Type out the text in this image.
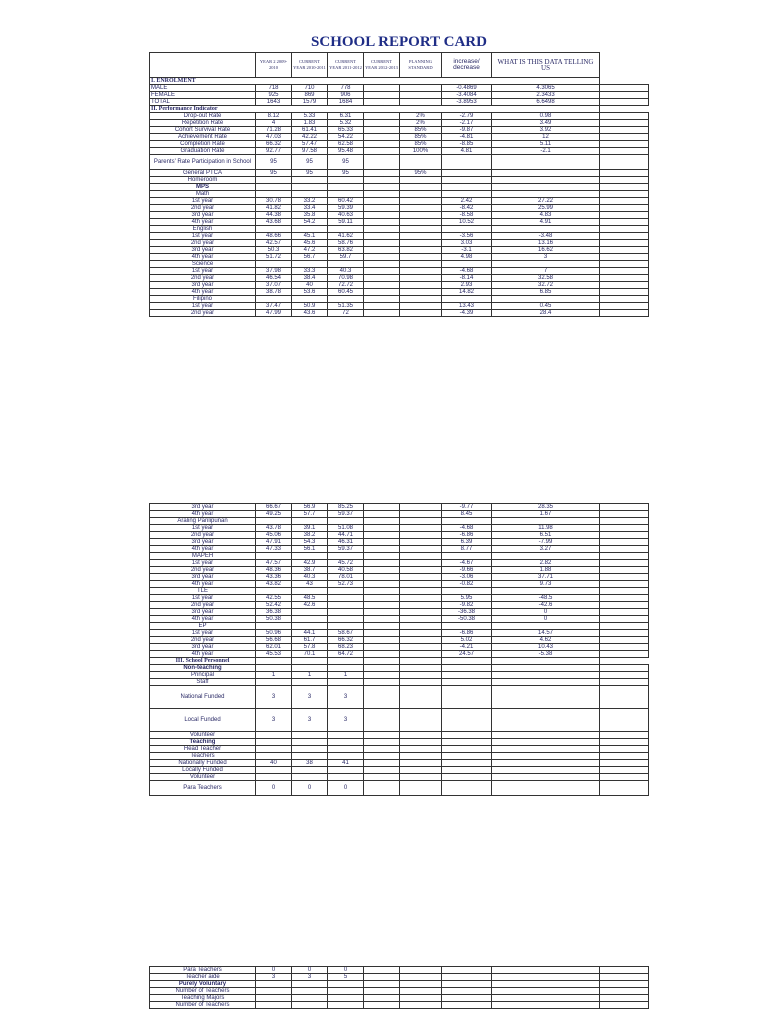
SCHOOL REPORT CARD
	YEAR 2 2009-2010	CURRENT YEAR 2010-2011	CURRENT YEAR 2011-2012	CURRENT YEAR 2012-2013	PLANNING STANDARD	increase/ decrease	WHAT IS THIS DATA TELLING US	
I. ENROLMENT								
MALE	718	710	778			-0.4869	4.3065	
FEMALE	925	869	906			-3.4084	2.3433	
TOTAL	1643	1579	1684			-3.8953	6.6498	
II. Performance Indicator								
Drop-out Rate	8.12	5.33	6.31		2%	-2.79	0.98	
Repetition Rate	4	1.83	5.32		2%	-2.17	3.49	
Cohort Survival Rate	71.28	61.41	65.33		85%	-9.87	3.92	
Achievement Rate	47.03	42.22	54.22		85%	-4.81	12	
Completion Rate	66.32	57.47	62.58		85%	-8.85	5.11	
Graduation Rate	92.77	97.58	95.48		100%	4.81	-2.1	
Parents' Rate Participation in School	95	95	95					
General PTCA	95	95	95		95%			
Homeroom								
MPS								
Math								
1st year	30.78	33.2	60.42			2.42	27.22	
2nd year	41.82	33.4	59.39			-8.42	25.99	
3rd year	44.38	35.8	40.63			-8.58	4.83	
4th year	43.68	54.2	59.11			10.52	4.91	
English								
1st year	48.66	45.1	41.62			-3.56	-3.48	
2nd year	42.57	45.6	58.76			3.03	13.16	
3rd year	50.3	47.2	63.82			-3.1	16.62	
4th year	51.72	56.7	59.7			4.98	3	
Science								
1st year	37.98	33.3	40.3			-4.68	7	
2nd year	46.54	38.4	70.98			-8.14	32.58	
3rd year	37.07	40	72.72			2.93	32.72	
4th year	38.78	53.6	60.45			14.82	6.85	
Filipino								
1st year	37.47	50.9	51.35			13.43	0.45	
2nd year	47.99	43.6	72			-4.39	28.4	
3rd year	66.67	56.9	85.25			-9.77	28.35	
4th year	49.25	57.7	59.37			8.45	1.67	
Araling Panlipunan								
1st year	43.78	39.1	51.08			-4.68	11.98	
2nd year	45.06	38.2	44.71			-6.86	6.51	
3rd year	47.91	54.3	46.31			6.39	-7.99	
4th year	47.33	56.1	59.37			8.77	3.27	
MAPEH								
1st year	47.57	42.9	45.72			-4.67	2.82	
2nd year	48.36	38.7	40.58			-9.66	1.88	
3rd year	43.36	40.3	78.01			-3.06	37.71	
4th year	43.82	43	52.73			-0.82	9.73	
TLE								
1st year	42.55	48.5				5.95	-48.5	
2nd year	52.42	42.6				-9.82	-42.6	
3rd year	36.38					-36.38	0	
4th year	50.38					-50.38	0	
EP								
1st year	50.96	44.1	58.67			-6.86	14.57	
2nd year	56.68	61.7	66.32			5.02	4.62	
3rd year	62.01	57.8	68.23			-4.21	10.43	
4th year	45.53	70.1	64.72			24.57	-5.38	
III. School Personnel								
Non-teaching								
Principal	1	1	1					
Staff								
National Funded	3	3	3					
Local Funded	3	3	3					
Volunteer								
Teaching								
Head Teacher								
Teachers								
Nationally Funded	40	38	41					
Locally Funded								
Volunteer								
Para Teachers	0	0	0					
Para Teachers	0	0	0					
Teacher aide	3	3	5					
Purely Voluntary								
Number of Teachers								
Teaching Majors								
Number of Teachers								
